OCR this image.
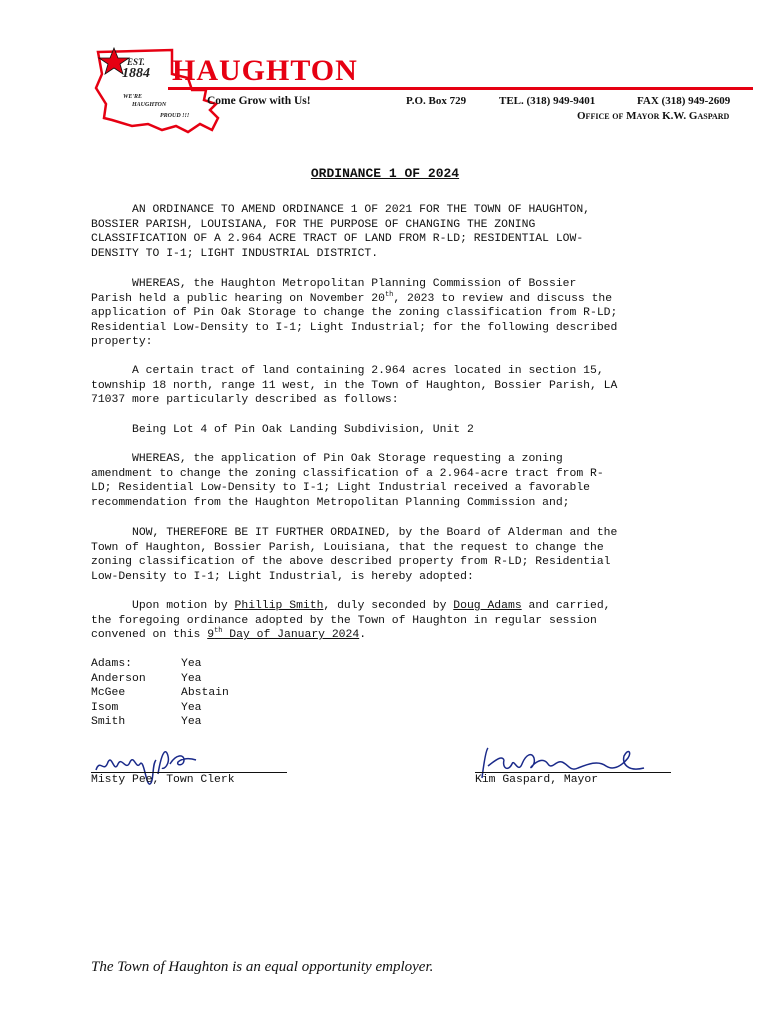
EST.
1884
WE'RE
HAUGHTON
PROUD !!!
HAUGHTON
Come Grow with Us!	P.O. Box 729	TEL. (318) 949-9401	FAX (318) 949-2609
Office of Mayor K.W. Gaspard
ORDINANCE 1 OF 2024
AN ORDINANCE TO AMEND ORDINANCE 1 OF 2021 FOR THE TOWN OF HAUGHTON,
BOSSIER PARISH, LOUISIANA, FOR THE PURPOSE OF CHANGING THE ZONING
CLASSIFICATION OF A 2.964 ACRE TRACT OF LAND FROM R-LD; RESIDENTIAL LOW-
DENSITY TO I-1; LIGHT INDUSTRIAL DISTRICT.
WHEREAS, the Haughton Metropolitan Planning Commission of Bossier
Parish held a public hearing on November 20th, 2023 to review and discuss the
application of Pin Oak Storage to change the zoning classification from R-LD;
Residential Low-Density to I-1; Light Industrial; for the following described
property:
A certain tract of land containing 2.964 acres located in section 15,
township 18 north, range 11 west, in the Town of Haughton, Bossier Parish, LA
71037 more particularly described as follows:
Being Lot 4 of Pin Oak Landing Subdivision, Unit 2
WHEREAS, the application of Pin Oak Storage requesting a zoning
amendment to change the zoning classification of a 2.964-acre tract from R-
LD; Residential Low-Density to I-1; Light Industrial received a favorable
recommendation from the Haughton Metropolitan Planning Commission and;
NOW, THEREFORE BE IT FURTHER ORDAINED, by the Board of Alderman and the
Town of Haughton, Bossier Parish, Louisiana, that the request to change the
zoning classification of the above described property from R-LD; Residential
Low-Density to I-1; Light Industrial, is hereby adopted:
Upon motion by Phillip Smith, duly seconded by Doug Adams and carried,
the foregoing ordinance adopted by the Town of Haughton in regular session
convened on this 9th Day of January 2024.
Adams:	Yea
Anderson	Yea
McGee	Abstain
Isom	Yea
Smith	Yea
Misty Pee, Town Clerk	Kim Gaspard, Mayor
The Town of Haughton is an equal opportunity employer.
